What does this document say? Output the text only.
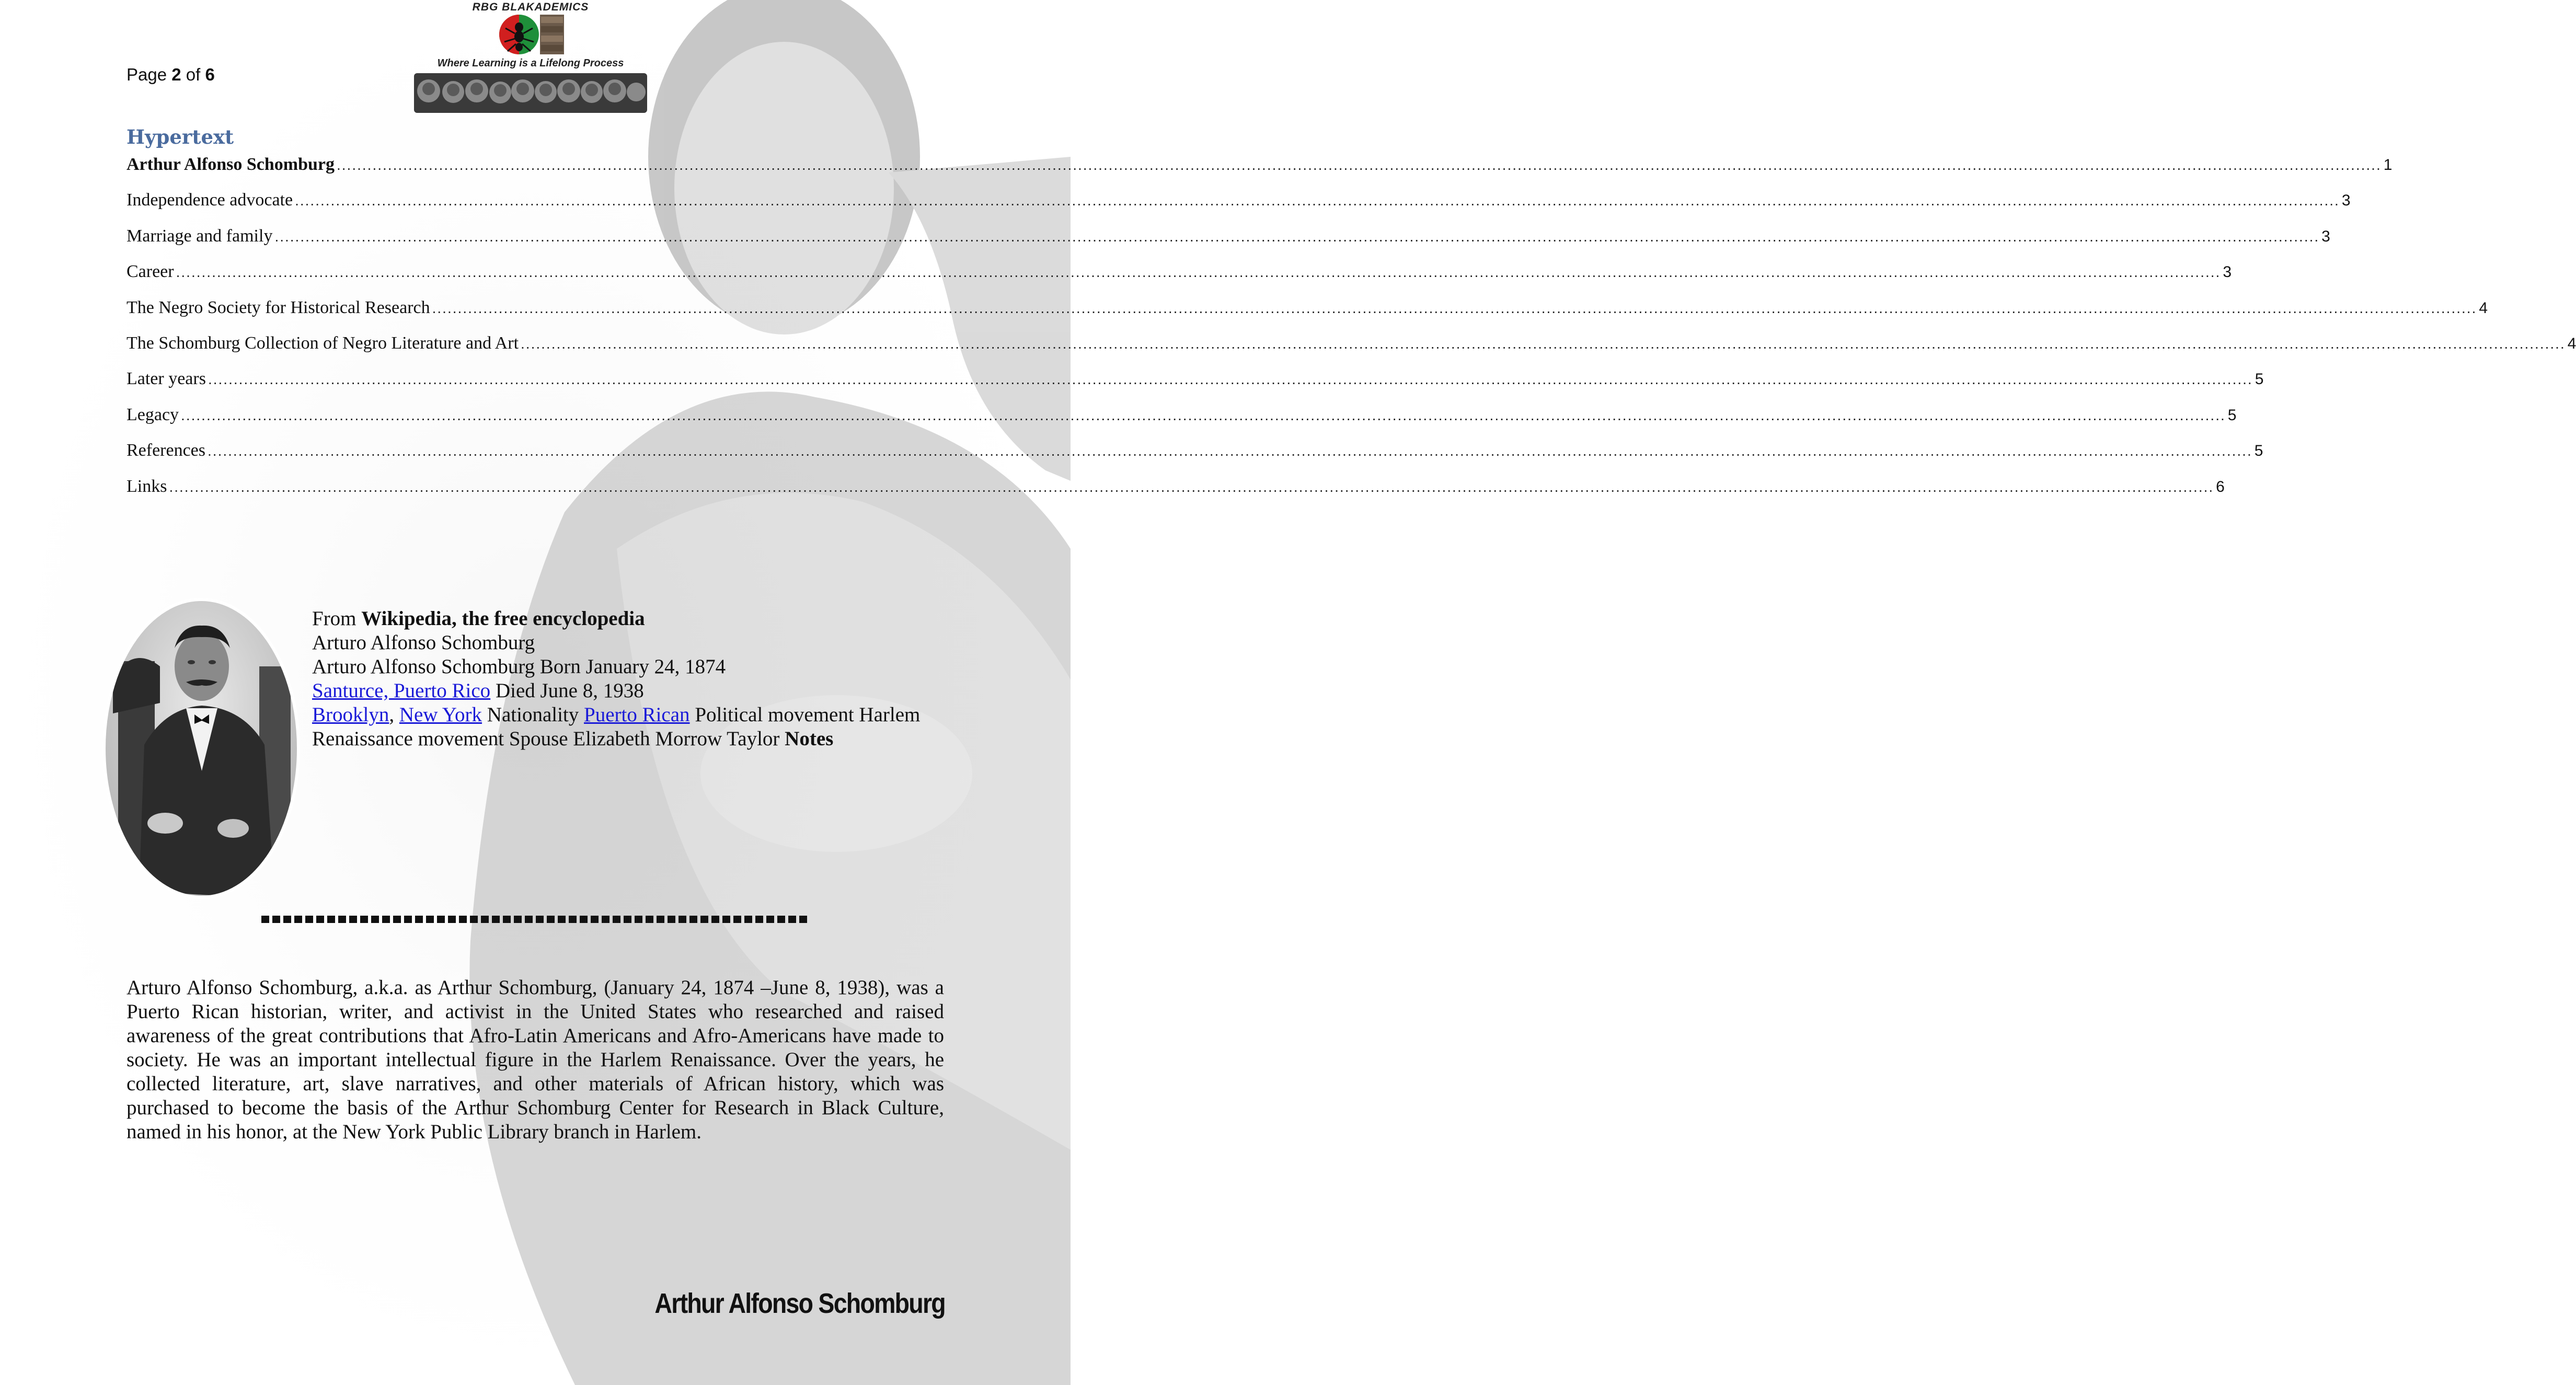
Page 2 of 6
RBG BLAKADEMICS
Where Learning is a Lifelong Process
Hypertext
Arthur Alfonso Schomburg ................................................................................................................................................................................................................................................................................................................................................................................................................ 1
Independence advocate ................................................................................................................................................................................................................................................................................................................................................................................................................ 3
Marriage and family ................................................................................................................................................................................................................................................................................................................................................................................................................ 3
Career ................................................................................................................................................................................................................................................................................................................................................................................................................ 3
The Negro Society for Historical Research ................................................................................................................................................................................................................................................................................................................................................................................................................ 4
The Schomburg Collection of Negro Literature and Art ................................................................................................................................................................................................................................................................................................................................................................................................................ 4
Later years ................................................................................................................................................................................................................................................................................................................................................................................................................ 5
Legacy ................................................................................................................................................................................................................................................................................................................................................................................................................ 5
References ................................................................................................................................................................................................................................................................................................................................................................................................................ 5
Links ................................................................................................................................................................................................................................................................................................................................................................................................................ 6
From Wikipedia, the free encyclopedia
Arturo Alfonso Schomburg
Arturo Alfonso Schomburg Born January 24, 1874
Santurce, Puerto Rico Died June 8, 1938
Brooklyn, New York Nationality Puerto Rican Political movement Harlem
Renaissance movement Spouse Elizabeth Morrow Taylor Notes
Arturo Alfonso Schomburg, a.k.a. as Arthur Schomburg, (January 24, 1874 –June 8, 1938), was a Puerto Rican historian, writer, and activist in the United States who researched and raised awareness of the great contributions that Afro-Latin Americans and Afro-Americans have made to society. He was an important intellectual figure in the Harlem Renaissance. Over the years, he collected literature, art, slave narratives, and other materials of African history, which was purchased to become the basis of the Arthur Schomburg Center for Research in Black Culture, named in his honor, at the New York Public Library branch in Harlem.
Arthur Alfonso Schomburg
